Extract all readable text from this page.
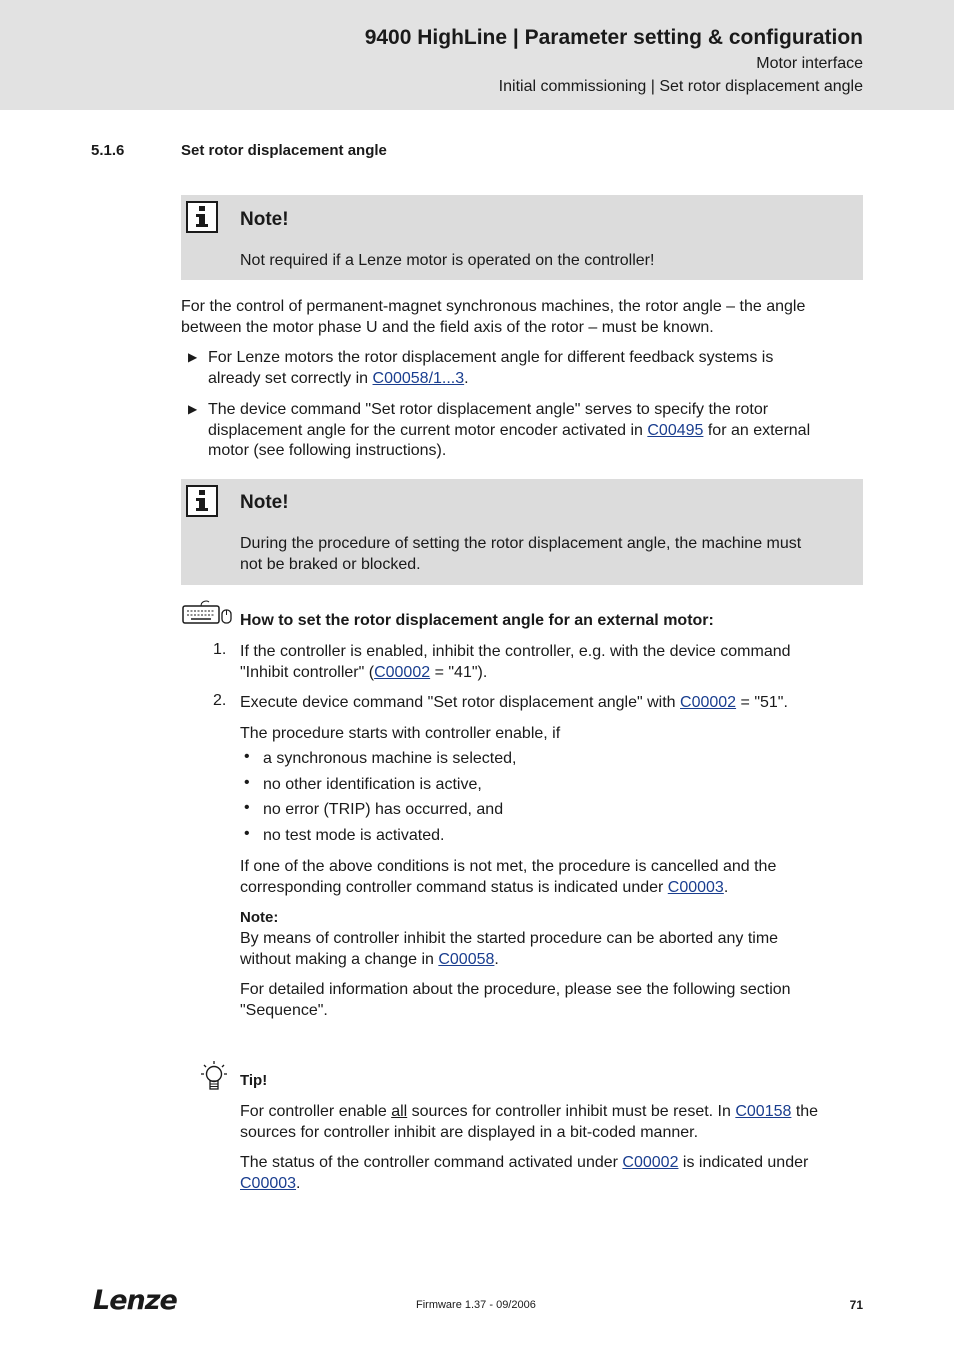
9400 HighLine | Parameter setting & configuration
Motor interface
Initial commissioning | Set rotor displacement angle
5.1.6	Set rotor displacement angle
Note!
Not required if a Lenze motor is operated on the controller!
For the control of permanent-magnet synchronous machines, the rotor angle – the angle
between the motor phase U and the field axis of the rotor – must be known.
▶ For Lenze motors the rotor displacement angle for different feedback systems is
already set correctly in C00058/1...3.
▶ The device command "Set rotor displacement angle" serves to specify the rotor
displacement angle for the current motor encoder activated in C00495 for an external
motor (see following instructions).
Note!
During the procedure of setting the rotor displacement angle, the machine must
not be braked or blocked.
How to set the rotor displacement angle for an external motor:
1. If the controller is enabled, inhibit the controller, e.g. with the device command
"Inhibit controller" (C00002 = "41").
2. Execute device command "Set rotor displacement angle" with C00002 = "51".
The procedure starts with controller enable, if
• a synchronous machine is selected,
• no other identification is active,
• no error (TRIP) has occurred, and
• no test mode is activated.
If one of the above conditions is not met, the procedure is cancelled and the
corresponding controller command status is indicated under C00003.
Note:
By means of controller inhibit the started procedure can be aborted any time
without making a change in C00058.
For detailed information about the procedure, please see the following section
"Sequence".
Tip!
For controller enable all sources for controller inhibit must be reset. In C00158 the
sources for controller inhibit are displayed in a bit-coded manner.
The status of the controller command activated under C00002 is indicated under
C00003.
Lenze	Firmware 1.37 - 09/2006	71
